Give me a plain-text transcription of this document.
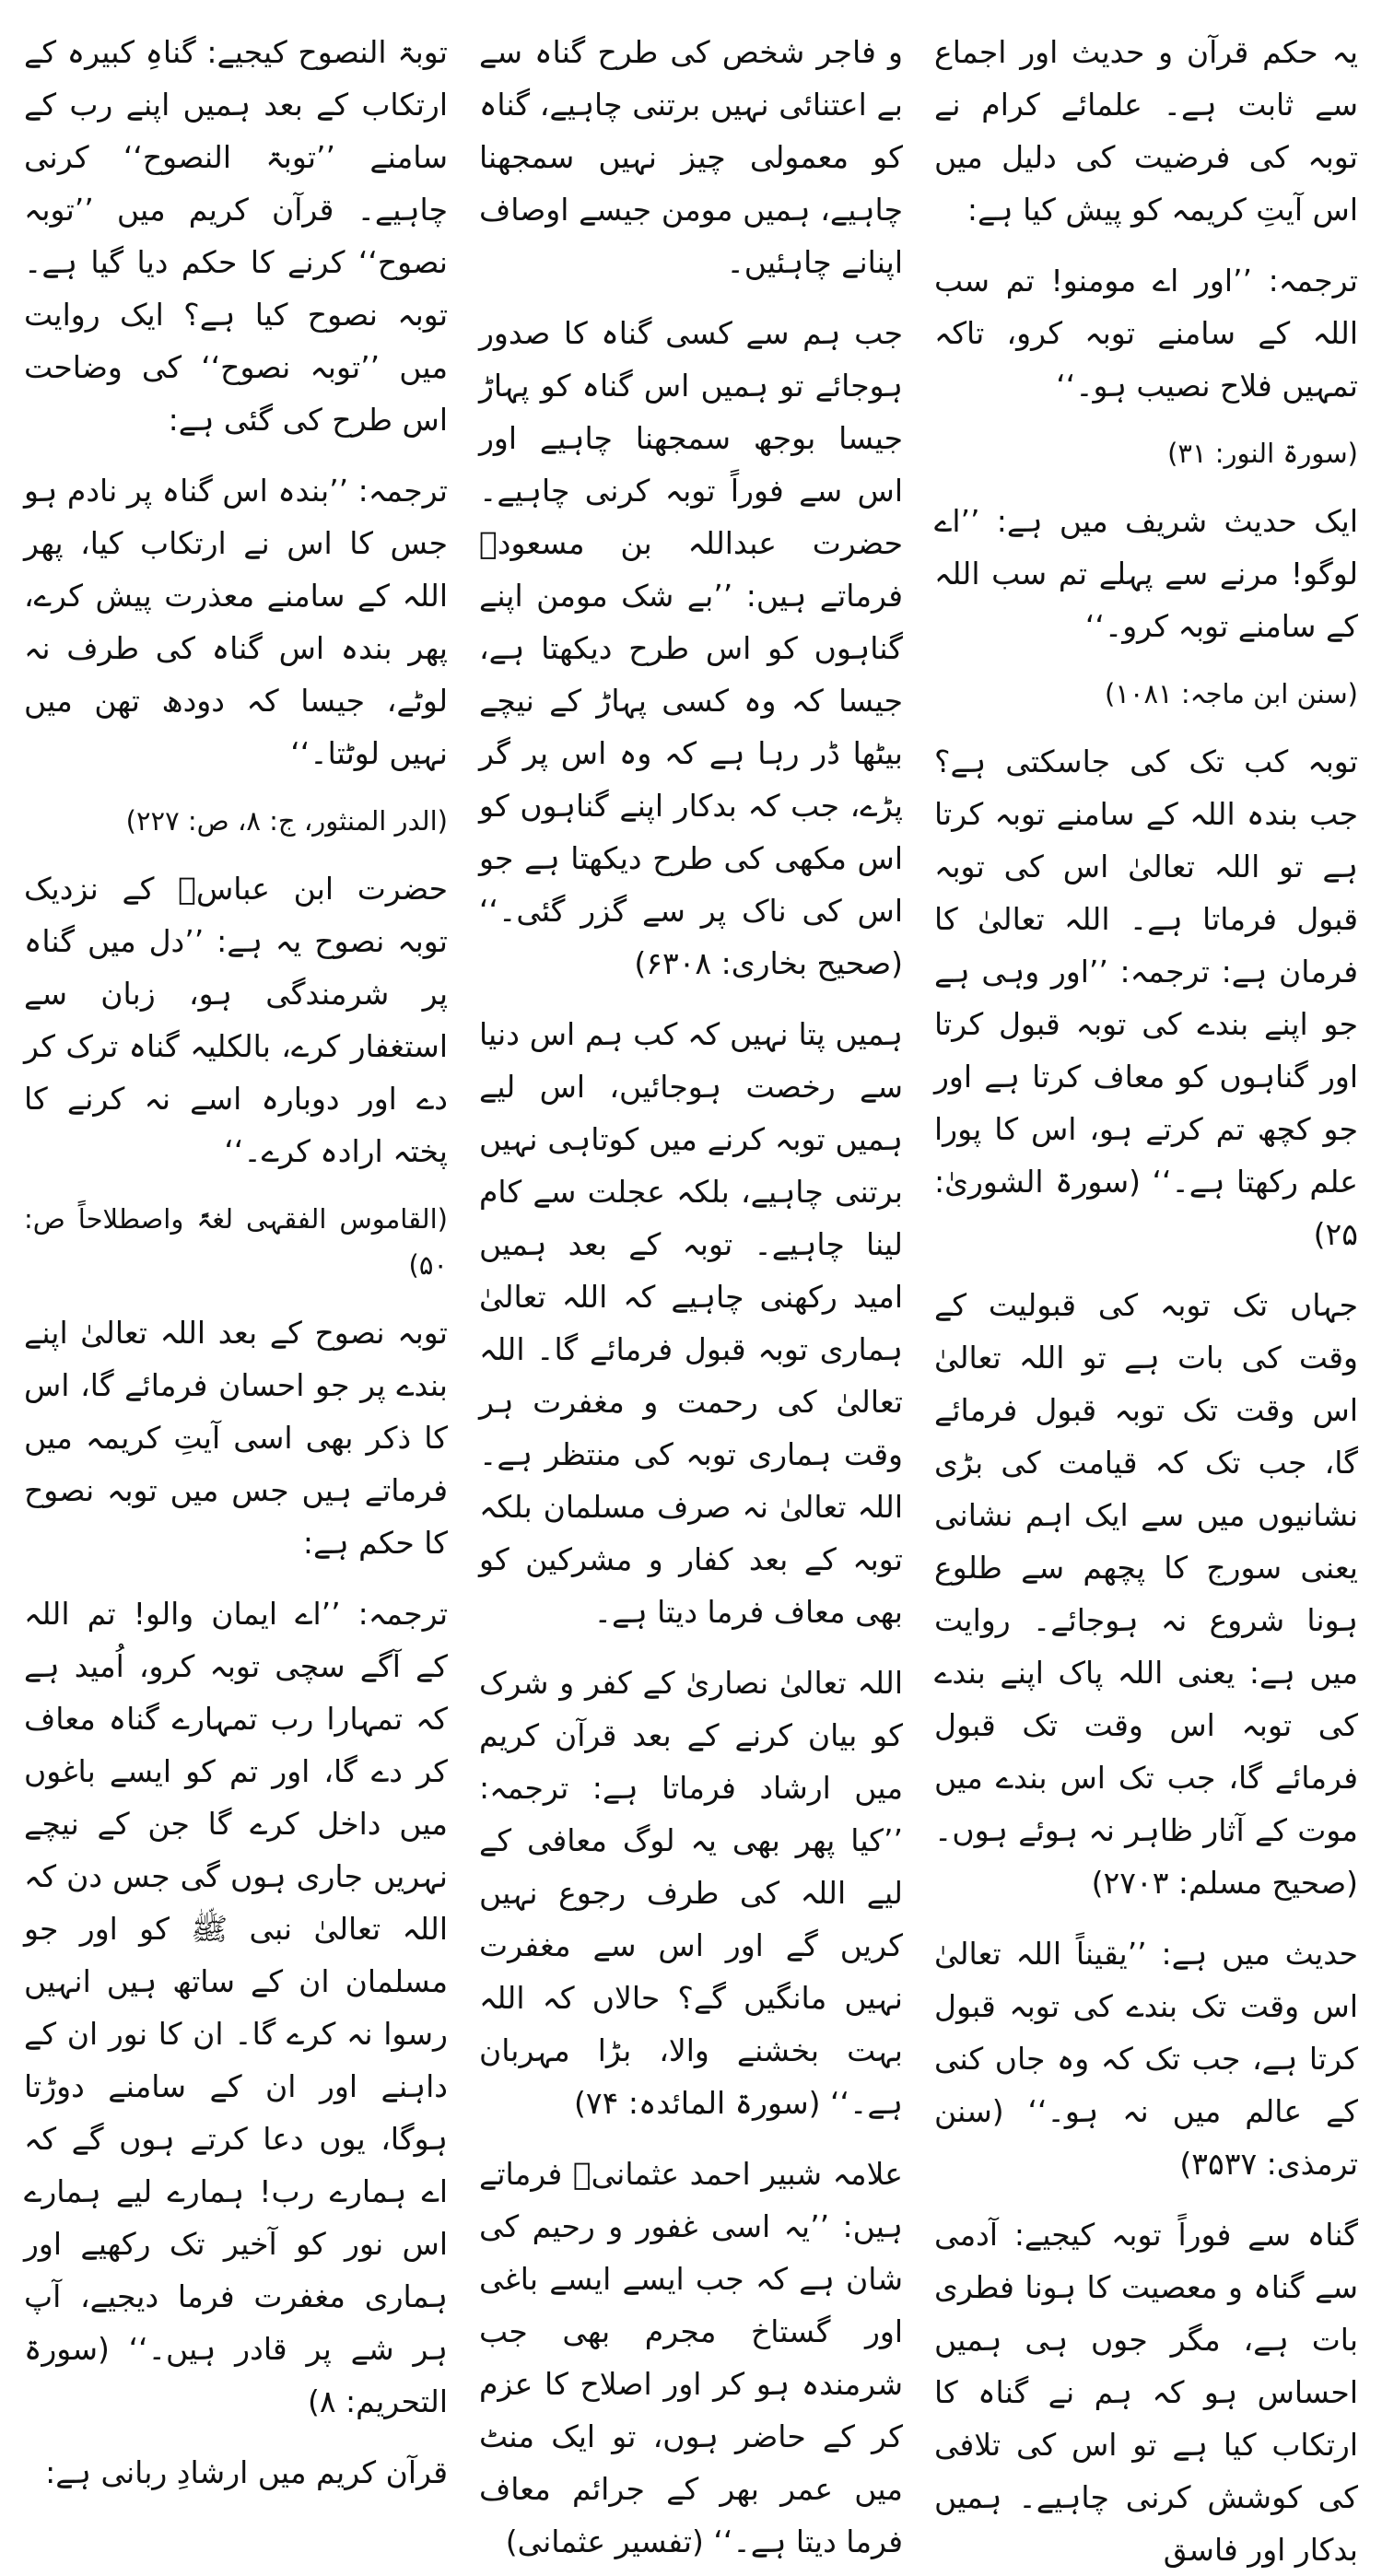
یہ حکم قرآن و حدیث اور اجماع سے ثابت ہے۔ علمائے کرام نے توبہ کی فرضیت کی دلیل میں اس آیتِ کریمہ کو پیش کیا ہے:

ترجمہ: ’’اور اے مومنو! تم سب اللہ کے سامنے توبہ کرو، تاکہ تمہیں فلاح نصیب ہو۔‘‘

(سورۃ النور: ۳۱)

ایک حدیث شریف میں ہے: ’’اے لوگو! مرنے سے پہلے تم سب اللہ کے سامنے توبہ کرو۔‘‘

(سنن ابن ماجہ: ۱۰۸۱)

توبہ کب تک کی جاسکتی ہے؟ جب بندہ اللہ کے سامنے توبہ کرتا ہے تو اللہ تعالیٰ اس کی توبہ قبول فرماتا ہے۔ اللہ تعالیٰ کا فرمان ہے: ترجمہ: ’’اور وہی ہے جو اپنے بندے کی توبہ قبول کرتا اور گناہوں کو معاف کرتا ہے اور جو کچھ تم کرتے ہو، اس کا پورا علم رکھتا ہے۔‘‘ (سورۃ الشوریٰ: ۲۵)

جہاں تک توبہ کی قبولیت کے وقت کی بات ہے تو اللہ تعالیٰ اس وقت تک توبہ قبول فرمائے گا، جب تک کہ قیامت کی بڑی نشانیوں میں سے ایک اہم نشانی یعنی سورج کا پچھم سے طلوع ہونا شروع نہ ہوجائے۔ روایت میں ہے: یعنی اللہ پاک اپنے بندے کی توبہ اس وقت تک قبول فرمائے گا، جب تک اس بندے میں موت کے آثار ظاہر نہ ہوئے ہوں۔ (صحیح مسلم: ۲۷۰۳)

حدیث میں ہے: ’’یقیناً اللہ تعالیٰ اس وقت تک بندے کی توبہ قبول کرتا ہے، جب تک کہ وہ جاں کنی کے عالم میں نہ ہو۔‘‘ (سنن ترمذی: ۳۵۳۷)

گناہ سے فوراً توبہ کیجیے: آدمی سے گناہ و معصیت کا ہونا فطری بات ہے، مگر جوں ہی ہمیں احساس ہو کہ ہم نے گناہ کا ارتکاب کیا ہے تو اس کی تلافی کی کوشش کرنی چاہیے۔ ہمیں بدکار اور فاسق

و فاجر شخص کی طرح گناہ سے بے اعتنائی نہیں برتنی چاہیے، گناہ کو معمولی چیز نہیں سمجھنا چاہیے، ہمیں مومن جیسے اوصاف اپنانے چاہئیں۔

جب ہم سے کسی گناہ کا صدور ہوجائے تو ہمیں اس گناہ کو پہاڑ جیسا بوجھ سمجھنا چاہیے اور اس سے فوراً توبہ کرنی چاہیے۔ حضرت عبداللہ بن مسعودؓ فرماتے ہیں: ’’بے شک مومن اپنے گناہوں کو اس طرح دیکھتا ہے، جیسا کہ وہ کسی پہاڑ کے نیچے بیٹھا ڈر رہا ہے کہ وہ اس پر گر پڑے، جب کہ بدکار اپنے گناہوں کو اس مکھی کی طرح دیکھتا ہے جو اس کی ناک پر سے گزر گئی۔‘‘ (صحیح بخاری: ۶۳۰۸)

ہمیں پتا نہیں کہ کب ہم اس دنیا سے رخصت ہوجائیں، اس لیے ہمیں توبہ کرنے میں کوتاہی نہیں برتنی چاہیے، بلکہ عجلت سے کام لینا چاہیے۔ توبہ کے بعد ہمیں امید رکھنی چاہیے کہ اللہ تعالیٰ ہماری توبہ قبول فرمائے گا۔ اللہ تعالیٰ کی رحمت و مغفرت ہر وقت ہماری توبہ کی منتظر ہے۔ اللہ تعالیٰ نہ صرف مسلمان بلکہ توبہ کے بعد کفار و مشرکین کو بھی معاف فرما دیتا ہے۔

اللہ تعالیٰ نصاریٰ کے کفر و شرک کو بیان کرنے کے بعد قرآن کریم میں ارشاد فرماتا ہے: ترجمہ: ’’کیا پھر بھی یہ لوگ معافی کے لیے اللہ کی طرف رجوع نہیں کریں گے اور اس سے مغفرت نہیں مانگیں گے؟ حالاں کہ اللہ بہت بخشنے والا، بڑا مہربان ہے۔‘‘ (سورۃ المائدہ: ۷۴)

علامہ شبیر احمد عثمانیؒ فرماتے ہیں: ’’یہ اسی غفور و رحیم کی شان ہے کہ جب ایسے ایسے باغی اور گستاخ مجرم بھی جب شرمندہ ہو کر اور اصلاح کا عزم کر کے حاضر ہوں، تو ایک منٹ میں عمر بھر کے جرائم معاف فرما دیتا ہے۔‘‘ (تفسیر عثمانی)

توبۃ النصوح کیجیے: گناہِ کبیرہ کے ارتکاب کے بعد ہمیں اپنے رب کے سامنے ’’توبۃ النصوح‘‘ کرنی چاہیے۔ قرآن کریم میں ’’توبہ نصوح‘‘ کرنے کا حکم دیا گیا ہے۔ توبہ نصوح کیا ہے؟ ایک روایت میں ’’توبہ نصوح‘‘ کی وضاحت اس طرح کی گئی ہے:

ترجمہ: ’’بندہ اس گناہ پر نادم ہو جس کا اس نے ارتکاب کیا، پھر اللہ کے سامنے معذرت پیش کرے، پھر بندہ اس گناہ کی طرف نہ لوٹے، جیسا کہ دودھ تھن میں نہیں لوٹتا۔‘‘

(الدر المنثور، ج: ۸، ص: ۲۲۷)

حضرت ابن عباسؓ کے نزدیک توبہ نصوح یہ ہے: ’’دل میں گناہ پر شرمندگی ہو، زبان سے استغفار کرے، بالکلیہ گناہ ترک کر دے اور دوبارہ اسے نہ کرنے کا پختہ ارادہ کرے۔‘‘

(القاموس الفقہی لغۃً واصطلاحاً ص: ۵۰)

توبہ نصوح کے بعد اللہ تعالیٰ اپنے بندے پر جو احسان فرمائے گا، اس کا ذکر بھی اسی آیتِ کریمہ میں فرماتے ہیں جس میں توبہ نصوح کا حکم ہے:

ترجمہ: ’’اے ایمان والو! تم اللہ کے آگے سچی توبہ کرو، اُمید ہے کہ تمہارا رب تمہارے گناہ معاف کر دے گا، اور تم کو ایسے باغوں میں داخل کرے گا جن کے نیچے نہریں جاری ہوں گی جس دن کہ اللہ تعالیٰ نبی ﷺ کو اور جو مسلمان ان کے ساتھ ہیں انہیں رسوا نہ کرے گا۔ ان کا نور ان کے داہنے اور ان کے سامنے دوڑتا ہوگا، یوں دعا کرتے ہوں گے کہ اے ہمارے رب! ہمارے لیے ہمارے اس نور کو آخیر تک رکھیے اور ہماری مغفرت فرما دیجیے، آپ ہر شے پر قادر ہیں۔‘‘ (سورۃ التحریم: ۸)

قرآن کریم میں ارشادِ ربانی ہے:
